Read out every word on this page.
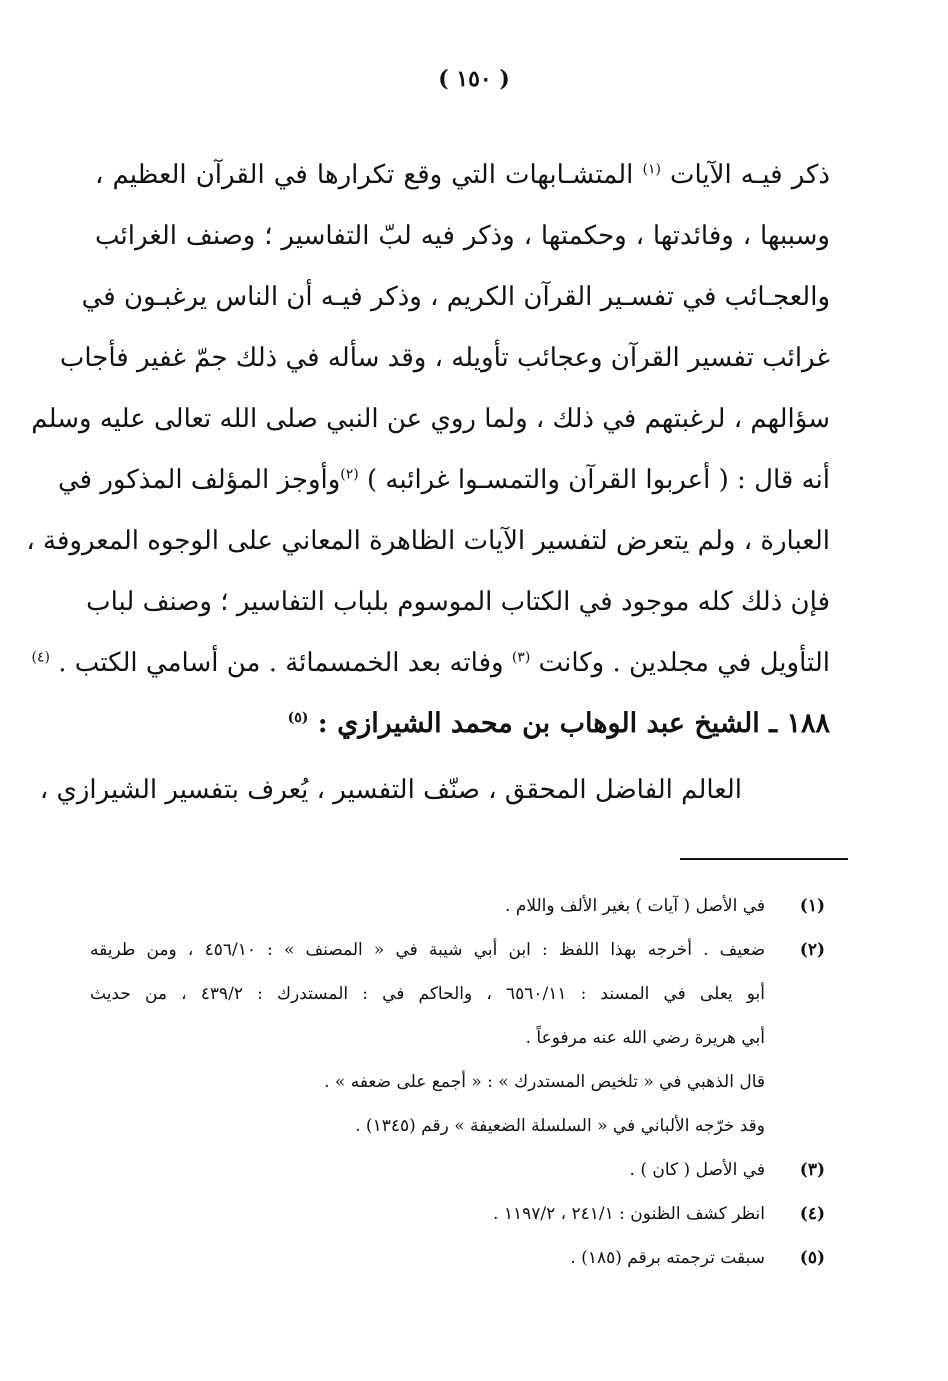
( ١٥٠ )
ذكر فيـه الآيات $^{(١)}$ المتشـابهات التي وقع تكرارها في القرآن العظيم ،
وسببها ، وفائدتها ، وحكمتها ، وذكر فيه لبّ التفاسير ؛ وصنف الغرائب
والعجـائب في تفسـير القرآن الكريم ، وذكر فيـه أن الناس يرغبـون في
غرائب تفسير القرآن وعجائب تأويله ، وقد سأله في ذلك جمّ غفير فأجاب
سؤالهم ، لرغبتهم في ذلك ، ولما روي عن النبي صلى الله تعالى عليه وسلم
أنه قال : ( أعربوا القرآن والتمسـوا غرائبه ) $^{(٢)}$وأوجز المؤلف المذكور في
العبارة ، ولم يتعرض لتفسير الآيات الظاهرة المعاني على الوجوه المعروفة ،
فإن ذلك كله موجود في الكتاب الموسوم بلباب التفاسير ؛ وصنف لباب
التأويل في مجلدين . وكانت $^{(٣)}$ وفاته بعد الخمسمائة . من أسامي الكتب . $^{(٤)}$
١٨٨ ـ الشيخ عبد الوهاب بن محمد الشيرازي : $^{(٥)}$
العالم الفاضل المحقق ، صنّف التفسير ، يُعرف بتفسير الشيرازي ،
(١)
في الأصل ( آيات ) بغير الألف واللام .
(٢)
ضعيف . أخرجه بهذا اللفظ : ابن أبي شيبة في « المصنف » : ٤٥٦/١٠ ، ومن طريقه
أبو يعلى في المسند : ٦٥٦٠/١١ ، والحاكم في : المستدرك : ٤٣٩/٢ ، من حديث
أبي هريرة رضي الله عنه مرفوعاً .
قال الذهبي في « تلخيص المستدرك » : « أجمع على ضعفه » .
وقد خرّجه الألباني في « السلسلة الضعيفة » رقم (١٣٤٥) .
(٣)
في الأصل ( كان ) .
(٤)
انظر كشف الظنون : ٢٤١/١ ، ١١٩٧/٢ .
(٥)
سبقت ترجمته برقم (١٨٥) .
